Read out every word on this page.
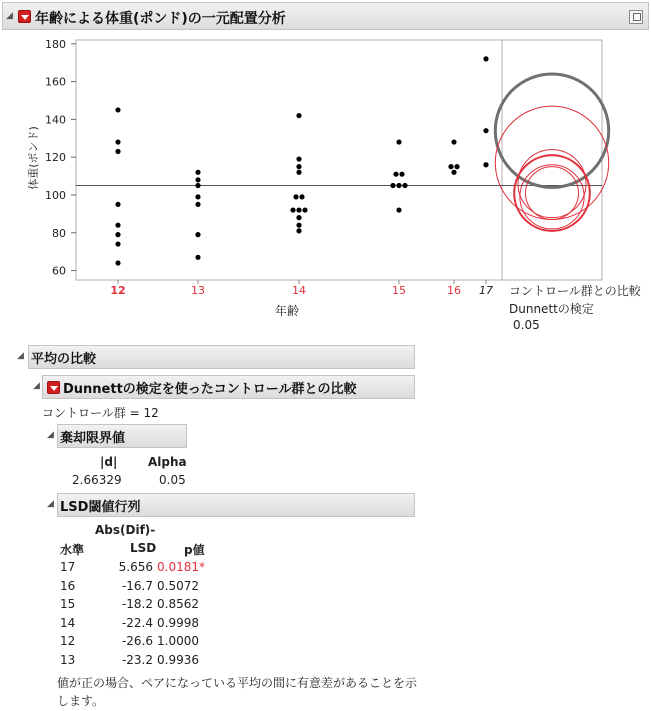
◢ 年齢による体重(ポンド)の一元配置分析
体重(ポンド)
180
160
140
120
100
80
60
12	13	14	15	16 17
年齢
コントロール群との比較
Dunnettの検定
0.05
◢ 平均の比較
◢ Dunnettの検定を使ったコントロール群との比較
コントロール群 = 12
◢ 棄却限界値
|d|	Alpha
2.66329	0.05
◢ LSD閾値行列
Abs(Dif)-
水準	LSD p値
17	5.656 0.0181*
16	-16.7 0.5072
15	-18.2 0.8562
14	-22.4 0.9998
12	-26.6 1.0000
13	-23.2 0.9936
値が正の場合、ペアになっている平均の間に有意差があることを示
します。
